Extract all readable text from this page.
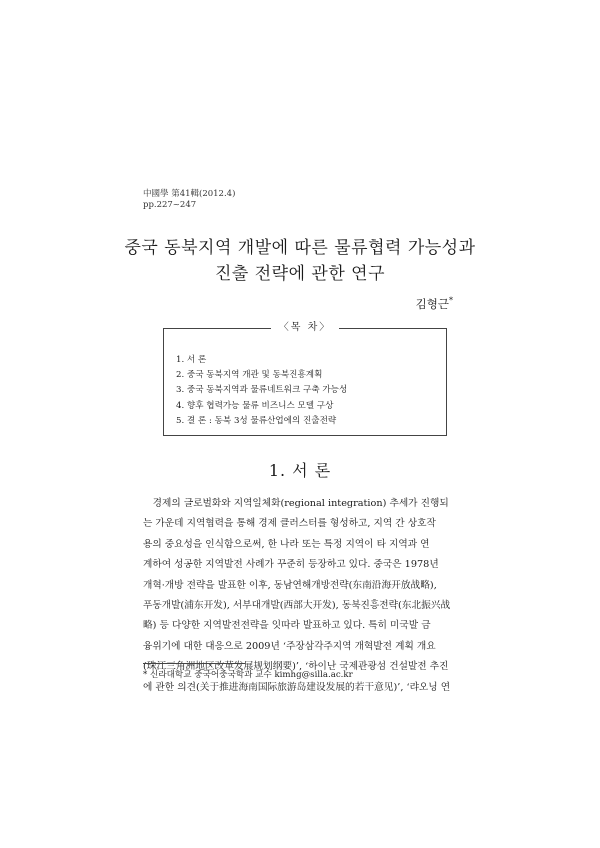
中國學 第41輯(2012.4)
pp.227~247
중국 동북지역 개발에 따른 물류협력 가능성과
진출 전략에 관한 연구
김형근*
〈목 차〉
1. 서 론
2. 중국 동북지역 개관 및 동북진흥계획
3. 중국 동북지역과 물류네트워크 구축 가능성
4. 향후 협력가능 물류 비즈니스 모델 구상
5. 결 론 : 동북 3성 물류산업에의 진출전략
1. 서 론
　경제의 글로벌화와 지역일체화(regional integration) 추세가 진행되
는 가운데 지역협력을 통해 경제 클러스터를 형성하고, 지역 간 상호작
용의 중요성을 인식함으로써, 한 나라 또는 특정 지역이 타 지역과 연
계하여 성공한 지역발전 사례가 꾸준히 등장하고 있다. 중국은 1978년
개혁·개방 전략을 발표한 이후, 동남연해개방전략(东南沿海开放战略),
푸동개발(浦东开发), 서부대개발(西部大开发), 동북진흥전략(东北振兴战
略) 등 다양한 지역발전전략을 잇따라 발표하고 있다. 특히 미국발 금
융위기에 대한 대응으로 2009년 ‘주장삼각주지역 개혁발전 계획 개요
(珠江三角洲地区改革发展规划纲要)’, ‘하이난 국제관광섬 건설발전 추진
에 관한 의견(关于推进海南国际旅游岛建设发展的若干意见)’, ‘랴오닝 연
* 신라대학교 중국어중국학과 교수 kimhg@silla.ac.kr
